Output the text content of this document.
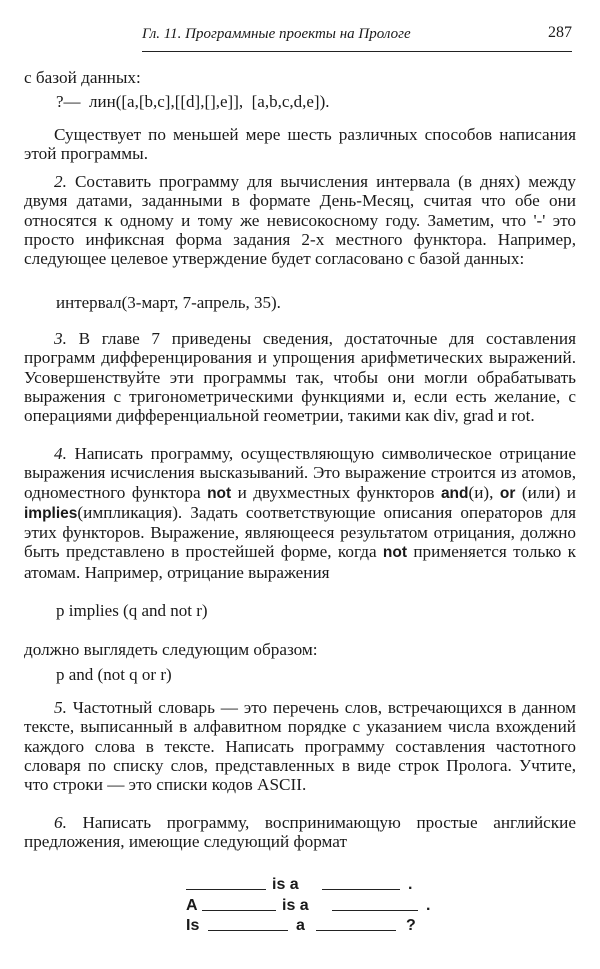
Гл. 11. Программные проекты на Прологе	287

с базой данных:

?—  лин([a,[b,c],[[d],[],e]],  [a,b,c,d,e]).

Существует по меньшей мере шесть различных способов написания этой программы.

2. Составить программу для вычисления интервала (в днях) между двумя датами, заданными в формате День-Месяц, считая что обе они относятся к одному и тому же невисокосному году. Заметим, что '-' это просто инфиксная форма задания 2-х местного функтора. Например, следующее целевое утверждение будет согласовано с базой данных:

интервал(3-март, 7-апрель, 35).

3. В главе 7 приведены сведения, достаточные для составления программ дифференцирования и упрощения арифметических выражений. Усовершенствуйте эти программы так, чтобы они могли обрабатывать выражения с тригонометрическими функциями и, если есть желание, с операциями дифференциальной геометрии, такими как div, grad и rot.

4. Написать программу, осуществляющую символическое отрицание выражения исчисления высказываний. Это выражение строится из атомов, одноместного функтора not и двухместных функторов and(и), or (или) и implies(импликация). Задать соответствующие описания операторов для этих функторов. Выражение, являющееся результатом отрицания, должно быть представлено в простейшей форме, когда not применяется только к атомам. Например, отрицание выражения

p implies (q and not r)

должно выглядеть следующим образом:

p and (not q or r)

5. Частотный словарь — это перечень слов, встречающихся в данном тексте, выписанный в алфавитном порядке с указанием числа вхождений каждого слова в тексте. Написать программу составления частотного словаря по списку слов, представленных в виде строк Пролога. Учтите, что строки — это списки кодов ASCII.

6. Написать программу, воспринимающую простые английские предложения, имеющие следующий формат

is a	.
A	is a	.
Is	a	?
